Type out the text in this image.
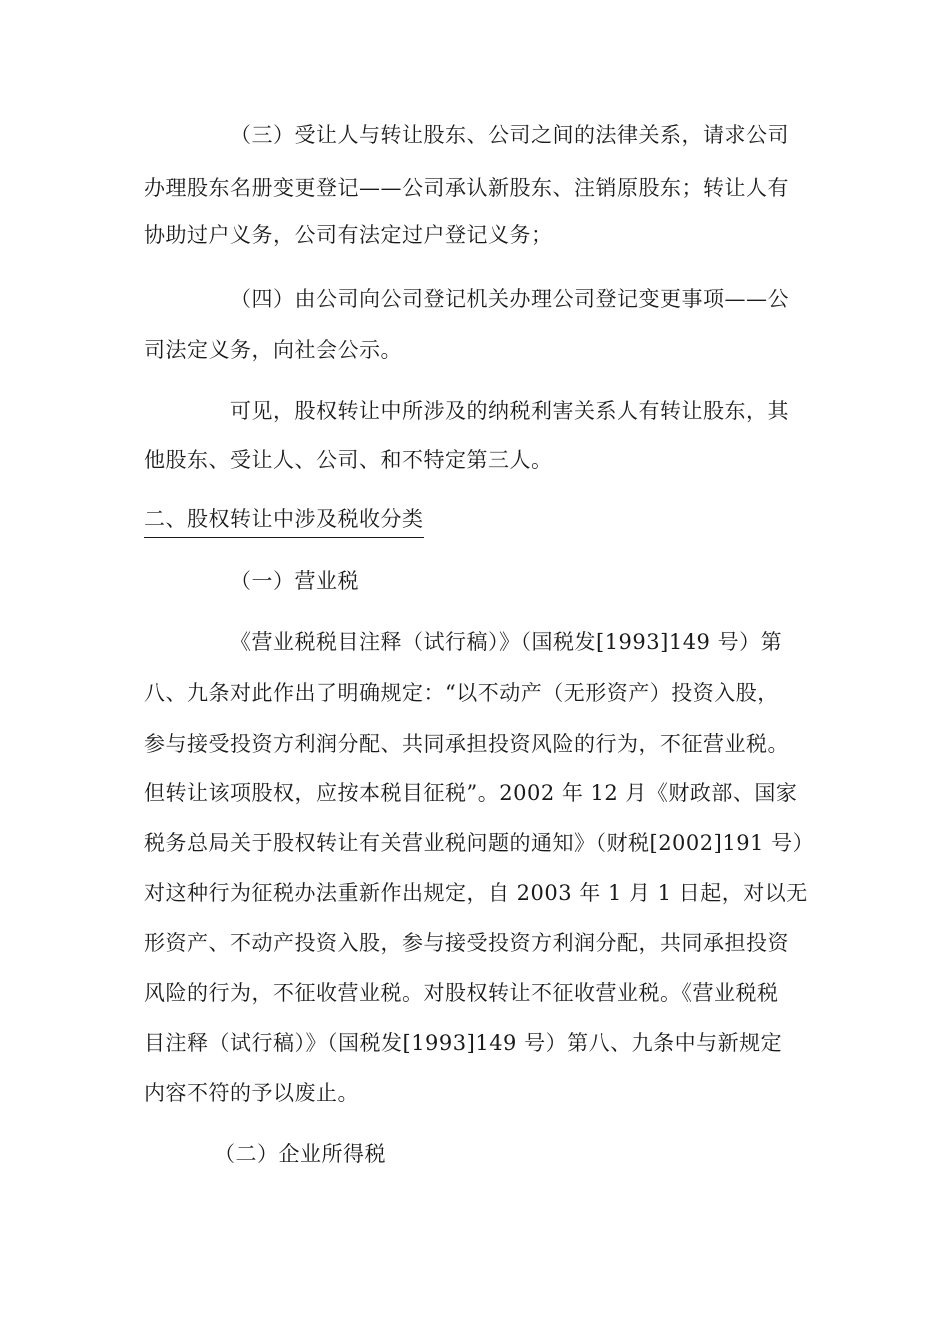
（三）受让人与转让股东、公司之间的法律关系，请求公司
办理股东名册变更登记——公司承认新股东、注销原股东；转让人有
协助过户义务，公司有法定过户登记义务；
（四）由公司向公司登记机关办理公司登记变更事项——公
司法定义务，向社会公示。
可见，股权转让中所涉及的纳税利害关系人有转让股东，其
他股东、受让人、公司、和不特定第三人。
二、股权转让中涉及税收分类
（一）营业税
《营业税税目注释（试行稿）》（国税发[1993]149 号）第
八、九条对此作出了明确规定：“以不动产（无形资产）投资入股，
参与接受投资方利润分配、共同承担投资风险的行为，不征营业税。
但转让该项股权，应按本税目征税”。2002 年 12 月《财政部、国家
税务总局关于股权转让有关营业税问题的通知》（财税[2002]191 号）
对这种行为征税办法重新作出规定，自 2003 年 1 月 1 日起，对以无
形资产、不动产投资入股，参与接受投资方利润分配，共同承担投资
风险的行为，不征收营业税。对股权转让不征收营业税。《营业税税
目注释（试行稿）》（国税发[1993]149 号）第八、九条中与新规定
内容不符的予以废止。
（二）企业所得税
